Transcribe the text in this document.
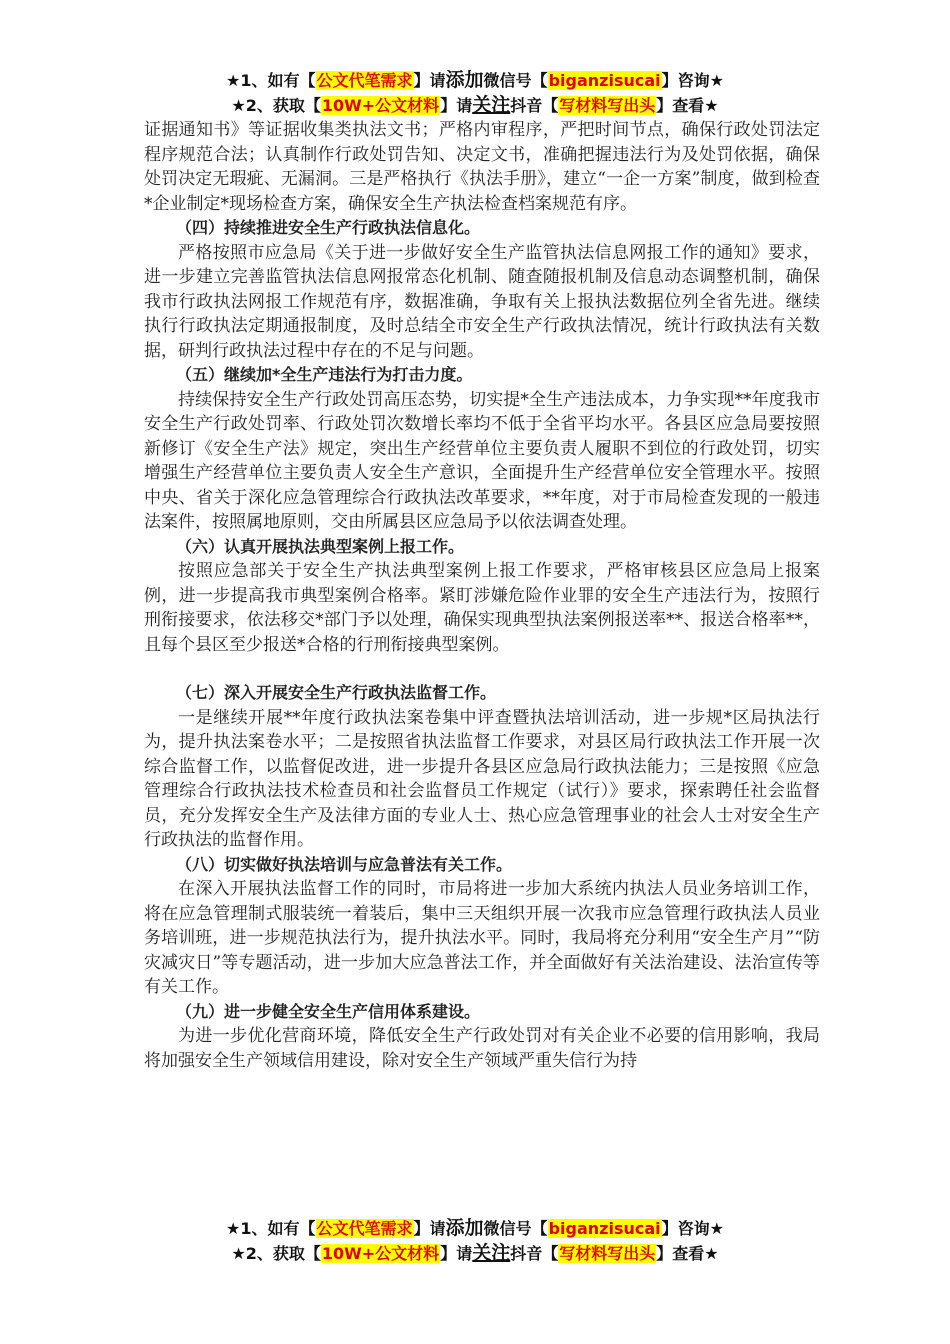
★1、如有【公文代笔需求】请添加微信号【biganzisucai】咨询★
★2、获取【10W+公文材料】请关注抖音【写材料写出头】查看★

证据通知书》等证据收集类执法文书；严格内审程序，严把时间节点，确保行政处罚法定程序规范合法；认真制作行政处罚告知、决定文书，准确把握违法行为及处罚依据，确保处罚决定无瑕疵、无漏洞。三是严格执行《执法手册》，建立“一企一方案”制度，做到检查*企业制定*现场检查方案，确保安全生产执法检查档案规范有序。

（四）持续推进安全生产行政执法信息化。

严格按照市应急局《关于进一步做好安全生产监管执法信息网报工作的通知》要求，进一步建立完善监管执法信息网报常态化机制、随查随报机制及信息动态调整机制，确保我市行政执法网报工作规范有序，数据准确，争取有关上报执法数据位列全省先进。继续执行行政执法定期通报制度，及时总结全市安全生产行政执法情况，统计行政执法有关数据，研判行政执法过程中存在的不足与问题。

（五）继续加*全生产违法行为打击力度。

持续保持安全生产行政处罚高压态势，切实提*全生产违法成本，力争实现**年度我市安全生产行政处罚率、行政处罚次数增长率均不低于全省平均水平。各县区应急局要按照新修订《安全生产法》规定，突出生产经营单位主要负责人履职不到位的行政处罚，切实增强生产经营单位主要负责人安全生产意识，全面提升生产经营单位安全管理水平。按照中央、省关于深化应急管理综合行政执法改革要求，**年度，对于市局检查发现的一般违法案件，按照属地原则，交由所属县区应急局予以依法调查处理。

（六）认真开展执法典型案例上报工作。

按照应急部关于安全生产执法典型案例上报工作要求，严格审核县区应急局上报案例，进一步提高我市典型案例合格率。紧盯涉嫌危险作业罪的安全生产违法行为，按照行刑衔接要求，依法移交*部门予以处理，确保实现典型执法案例报送率**、报送合格率**，且每个县区至少报送*合格的行刑衔接典型案例。

（七）深入开展安全生产行政执法监督工作。

一是继续开展**年度行政执法案卷集中评查暨执法培训活动，进一步规*区局执法行为，提升执法案卷水平；二是按照省执法监督工作要求，对县区局行政执法工作开展一次综合监督工作，以监督促改进，进一步提升各县区应急局行政执法能力；三是按照《应急管理综合行政执法技术检查员和社会监督员工作规定（试行）》要求，探索聘任社会监督员，充分发挥安全生产及法律方面的专业人士、热心应急管理事业的社会人士对安全生产行政执法的监督作用。

（八）切实做好执法培训与应急普法有关工作。

在深入开展执法监督工作的同时，市局将进一步加大系统内执法人员业务培训工作，将在应急管理制式服装统一着装后，集中三天组织开展一次我市应急管理行政执法人员业务培训班，进一步规范执法行为，提升执法水平。同时，我局将充分利用“安全生产月”“防灾减灾日”等专题活动，进一步加大应急普法工作，并全面做好有关法治建设、法治宣传等有关工作。

（九）进一步健全安全生产信用体系建设。

为进一步优化营商环境，降低安全生产行政处罚对有关企业不必要的信用影响，我局将加强安全生产领域信用建设，除对安全生产领域严重失信行为持

★1、如有【公文代笔需求】请添加微信号【biganzisucai】咨询★
★2、获取【10W+公文材料】请关注抖音【写材料写出头】查看★
